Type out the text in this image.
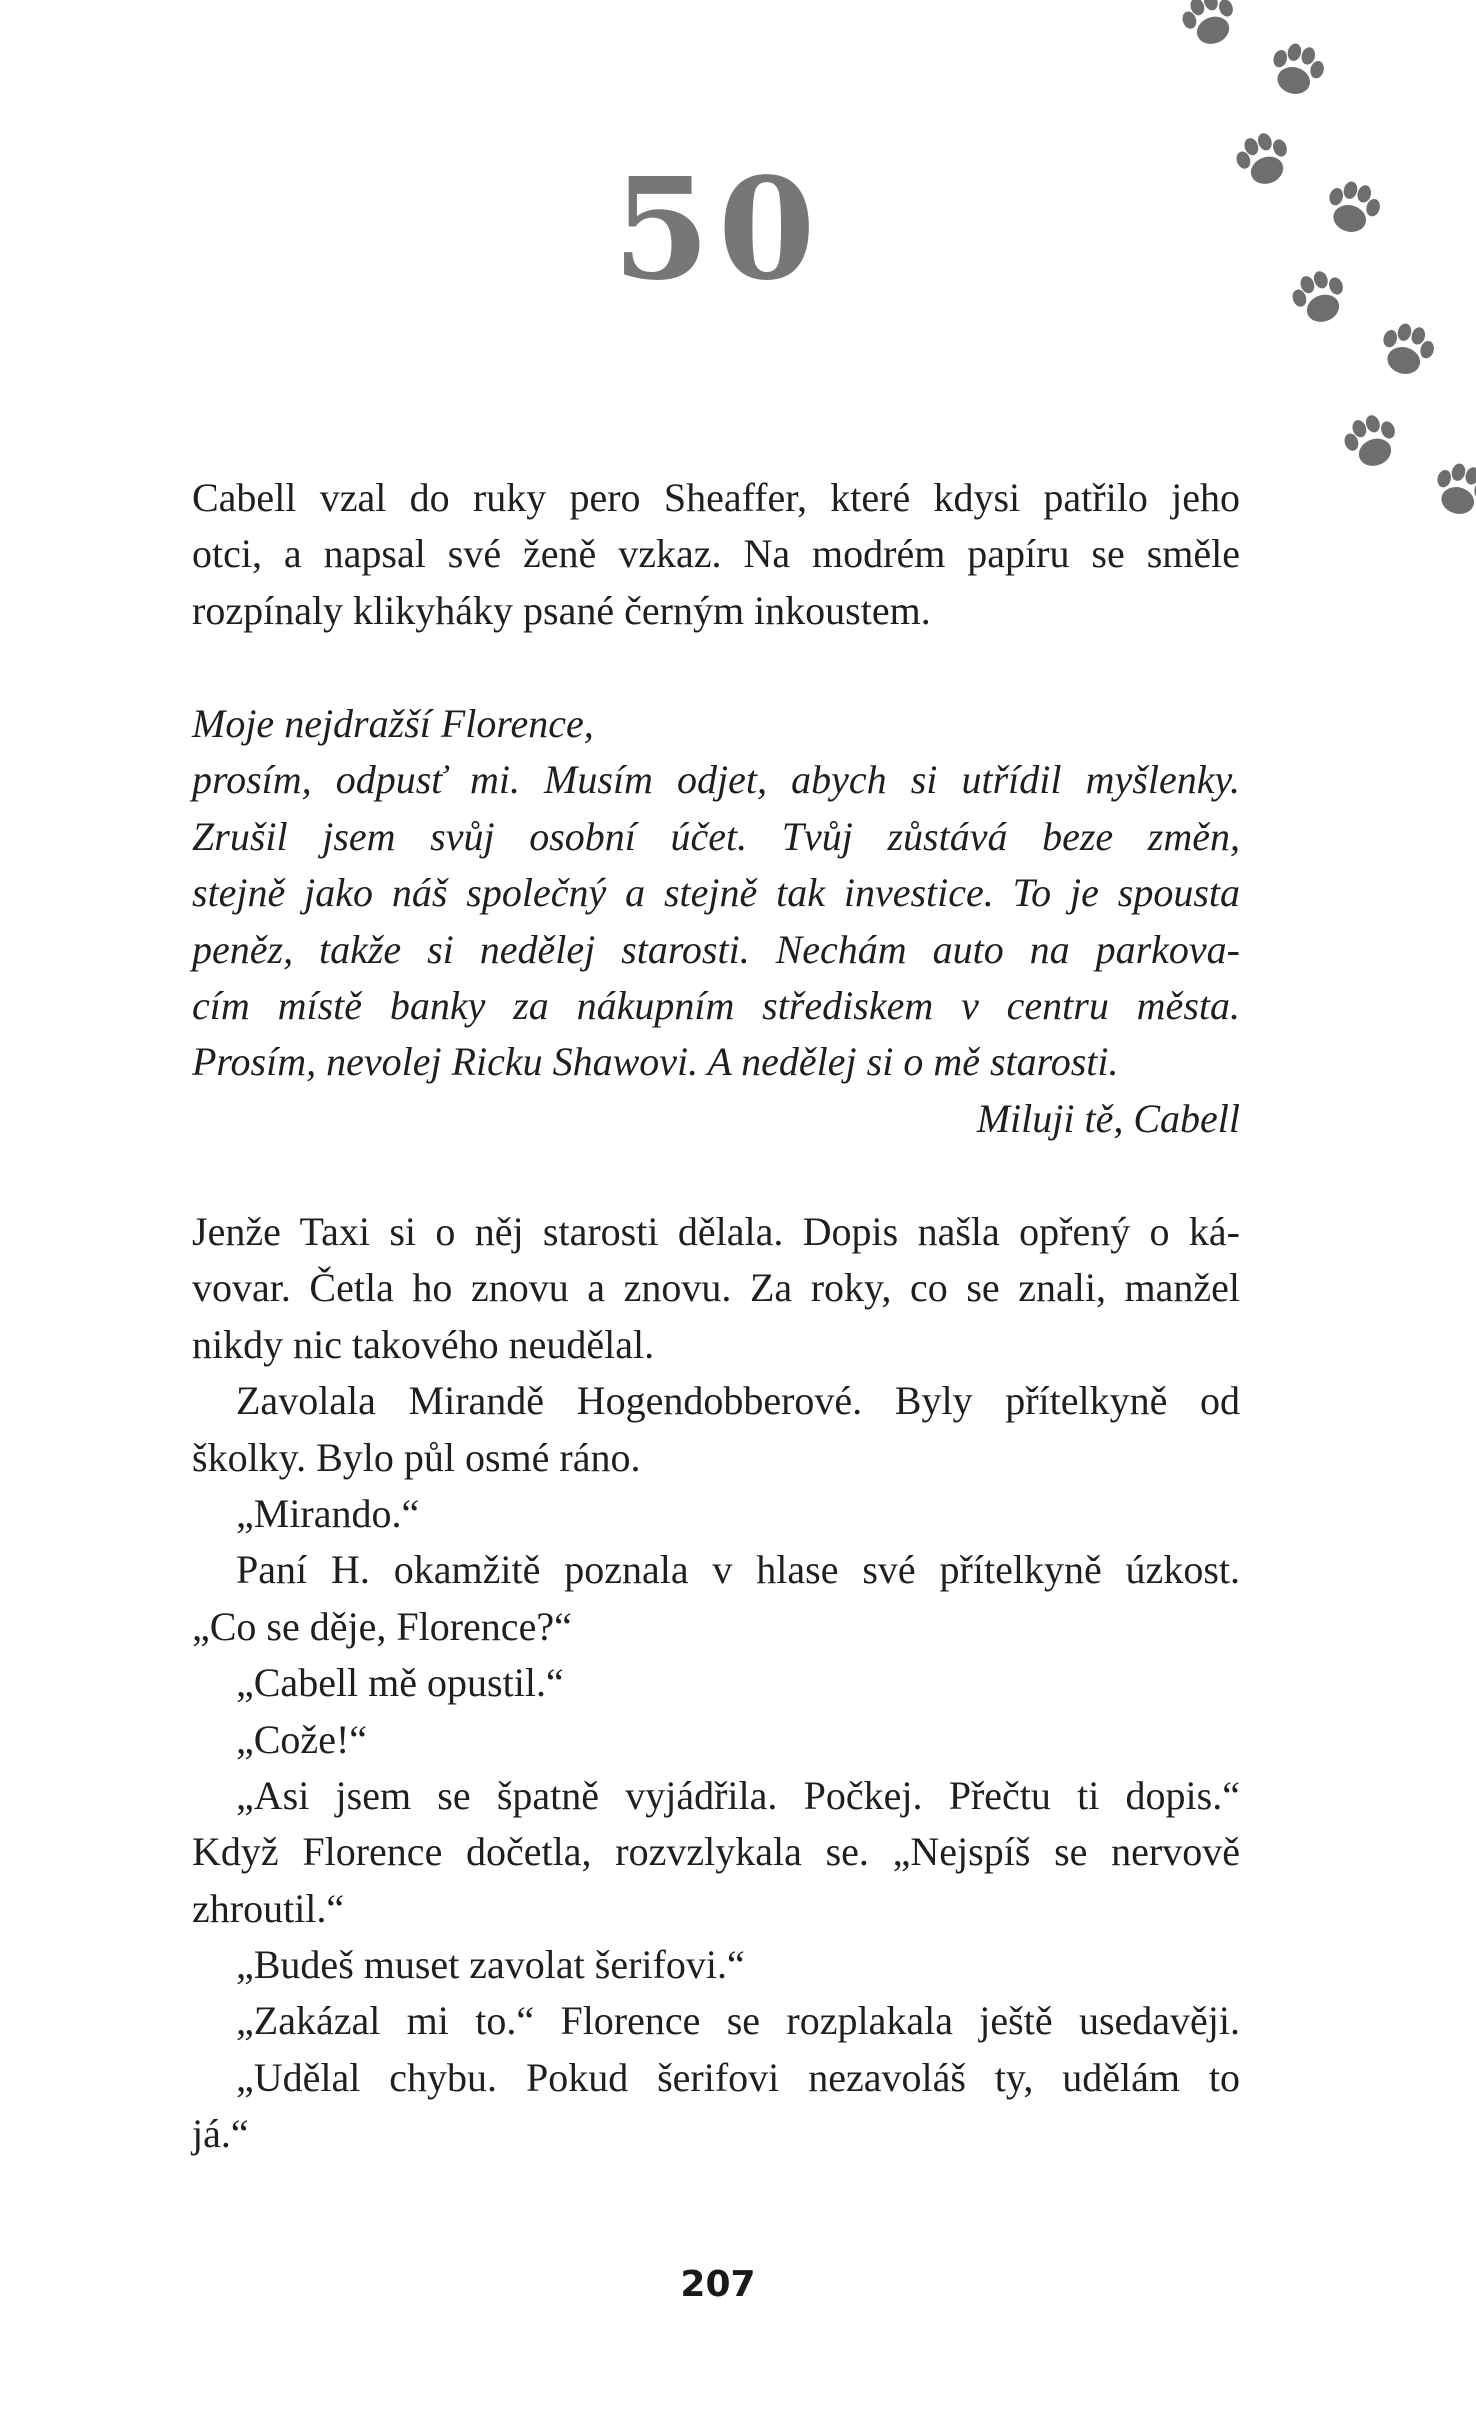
50
Cabell vzal do ruky pero Sheaffer, které kdysi patřilo jeho
otci, a napsal své ženě vzkaz. Na modrém papíru se směle
rozpínaly klikyháky psané černým inkoustem.
Moje nejdražší Florence,
prosím, odpusť mi. Musím odjet, abych si utřídil myšlenky.
Zrušil jsem svůj osobní účet. Tvůj zůstává beze změn,
stejně jako náš společný a stejně tak investice. To je spousta
peněz, takže si nedělej starosti. Nechám auto na parkova-
cím místě banky za nákupním střediskem v centru města.
Prosím, nevolej Ricku Shawovi. A nedělej si o mě starosti.
Miluji tě, Cabell
Jenže Taxi si o něj starosti dělala. Dopis našla opřený o ká-
vovar. Četla ho znovu a znovu. Za roky, co se znali, manžel
nikdy nic takového neudělal.
Zavolala Mirandě Hogendobberové. Byly přítelkyně od
školky. Bylo půl osmé ráno.
„Mirando.“
Paní H. okamžitě poznala v hlase své přítelkyně úzkost.
„Co se děje, Florence?“
„Cabell mě opustil.“
„Cože!“
„Asi jsem se špatně vyjádřila. Počkej. Přečtu ti dopis.“
Když Florence dočetla, rozvzlykala se. „Nejspíš se nervově
zhroutil.“
„Budeš muset zavolat šerifovi.“
„Zakázal mi to.“ Florence se rozplakala ještě usedavěji.
„Udělal chybu. Pokud šerifovi nezavoláš ty, udělám to
já.“
207
